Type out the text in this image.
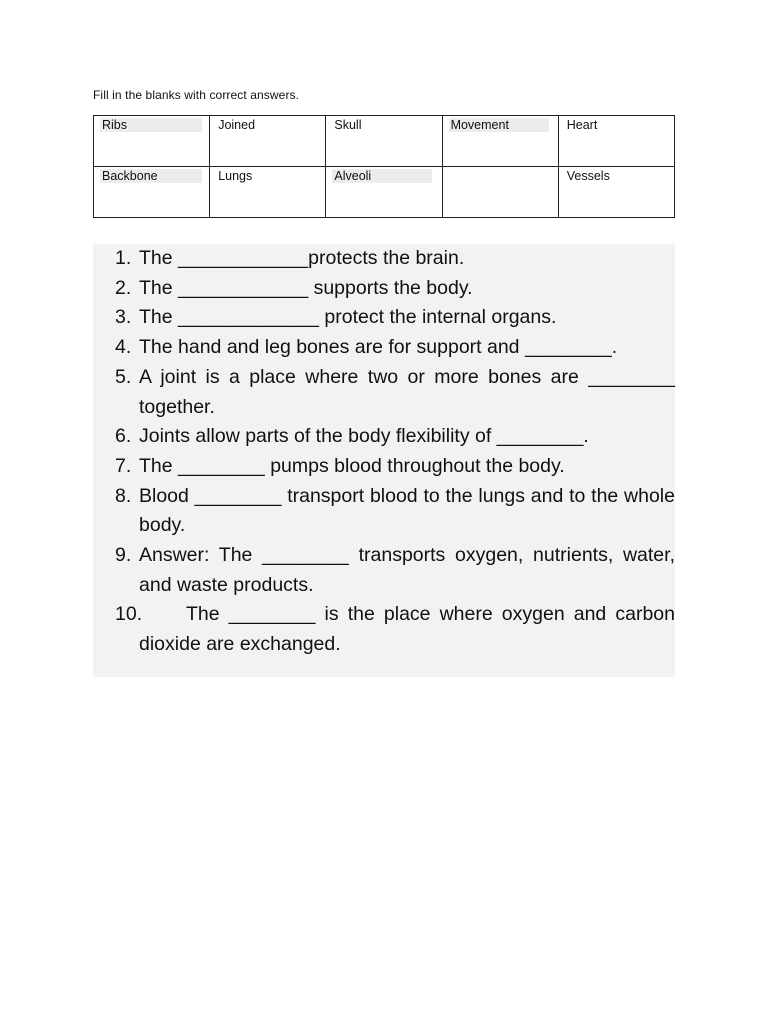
Fill in the blanks with correct answers.
Ribs	Joined	Skull	Movement	Heart
Backbone	Lungs	Alveoli		Vessels
1. The ____________protects the brain.
2. The ____________ supports the body.
3. The _____________ protect the internal organs.
4. The hand and leg bones are for support and ________.
5. A joint is a place where two or more bones are ________ together.
6. Joints allow parts of the body flexibility of ________.
7. The ________ pumps blood throughout the body.
8. Blood ________ transport blood to the lungs and to the whole body.
9. Answer: The ________ transports oxygen, nutrients, water, and waste products.
10. The ________ is the place where oxygen and carbon dioxide are exchanged.
